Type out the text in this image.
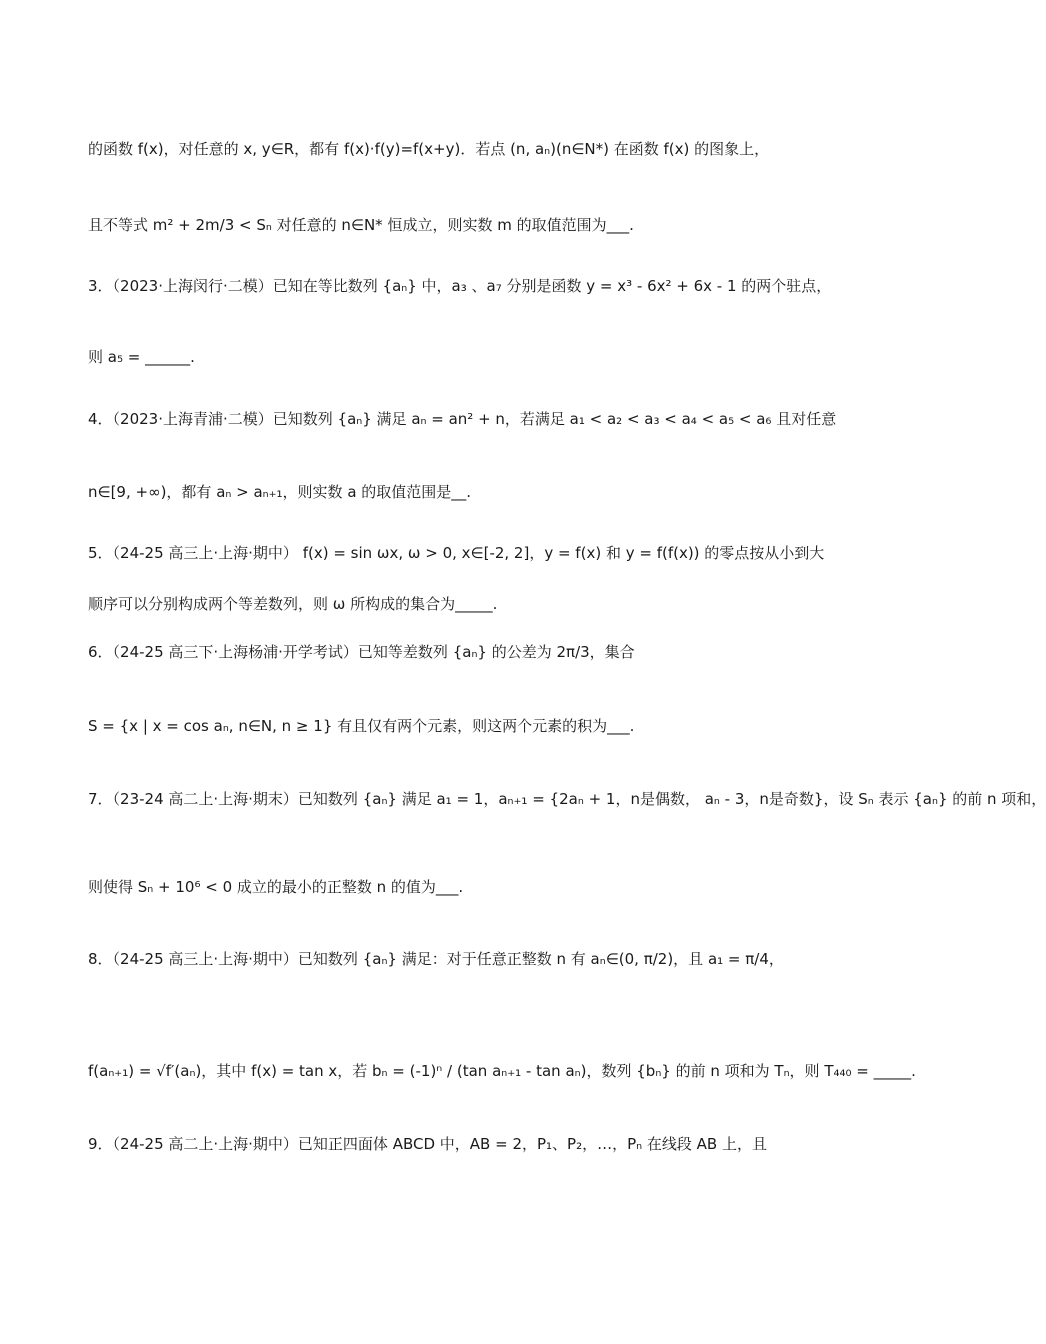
的函数 f(x)，对任意的 x, y∈R，都有 f(x)·f(y)=f(x+y)．若点 (n, aₙ)(n∈N*) 在函数 f(x) 的图象上，
且不等式 m² + 2m/3 < Sₙ 对任意的 n∈N* 恒成立，则实数 m 的取值范围为___.
3．（2023·上海闵行·二模）已知在等比数列 {aₙ} 中，a₃ 、a₇ 分别是函数 y = x³ - 6x² + 6x - 1 的两个驻点，
则 a₅ = ______.
4．（2023·上海青浦·二模）已知数列 {aₙ} 满足 aₙ = an² + n，若满足 a₁ < a₂ < a₃ < a₄ < a₅ < a₆ 且对任意
n∈[9, +∞)，都有 aₙ > aₙ₊₁，则实数 a 的取值范围是__.
5．（24-25 高三上·上海·期中） f(x) = sin ωx, ω > 0, x∈[-2, 2]，y = f(x) 和 y = f(f(x)) 的零点按从小到大
顺序可以分别构成两个等差数列，则 ω 所构成的集合为_____.
6．（24-25 高三下·上海杨浦·开学考试）已知等差数列 {aₙ} 的公差为 2π/3，集合
S = {x | x = cos aₙ, n∈N, n ≥ 1} 有且仅有两个元素，则这两个元素的积为___.
7．（23-24 高二上·上海·期末）已知数列 {aₙ} 满足 a₁ = 1，aₙ₊₁ = {2aₙ + 1，n是偶数， aₙ - 3，n是奇数}，设 Sₙ 表示 {aₙ} 的前 n 项和，
则使得 Sₙ + 10⁶ < 0 成立的最小的正整数 n 的值为___.
8．（24-25 高三上·上海·期中）已知数列 {aₙ} 满足：对于任意正整数 n 有 aₙ∈(0, π/2)，且 a₁ = π/4，
f(aₙ₊₁) = √f′(aₙ)，其中 f(x) = tan x，若 bₙ = (-1)ⁿ / (tan aₙ₊₁ - tan aₙ)，数列 {bₙ} 的前 n 项和为 Tₙ，则 T₄₄₀ = _____.
9．（24-25 高二上·上海·期中）已知正四面体 ABCD 中，AB = 2，P₁、P₂，…，Pₙ 在线段 AB 上，且
